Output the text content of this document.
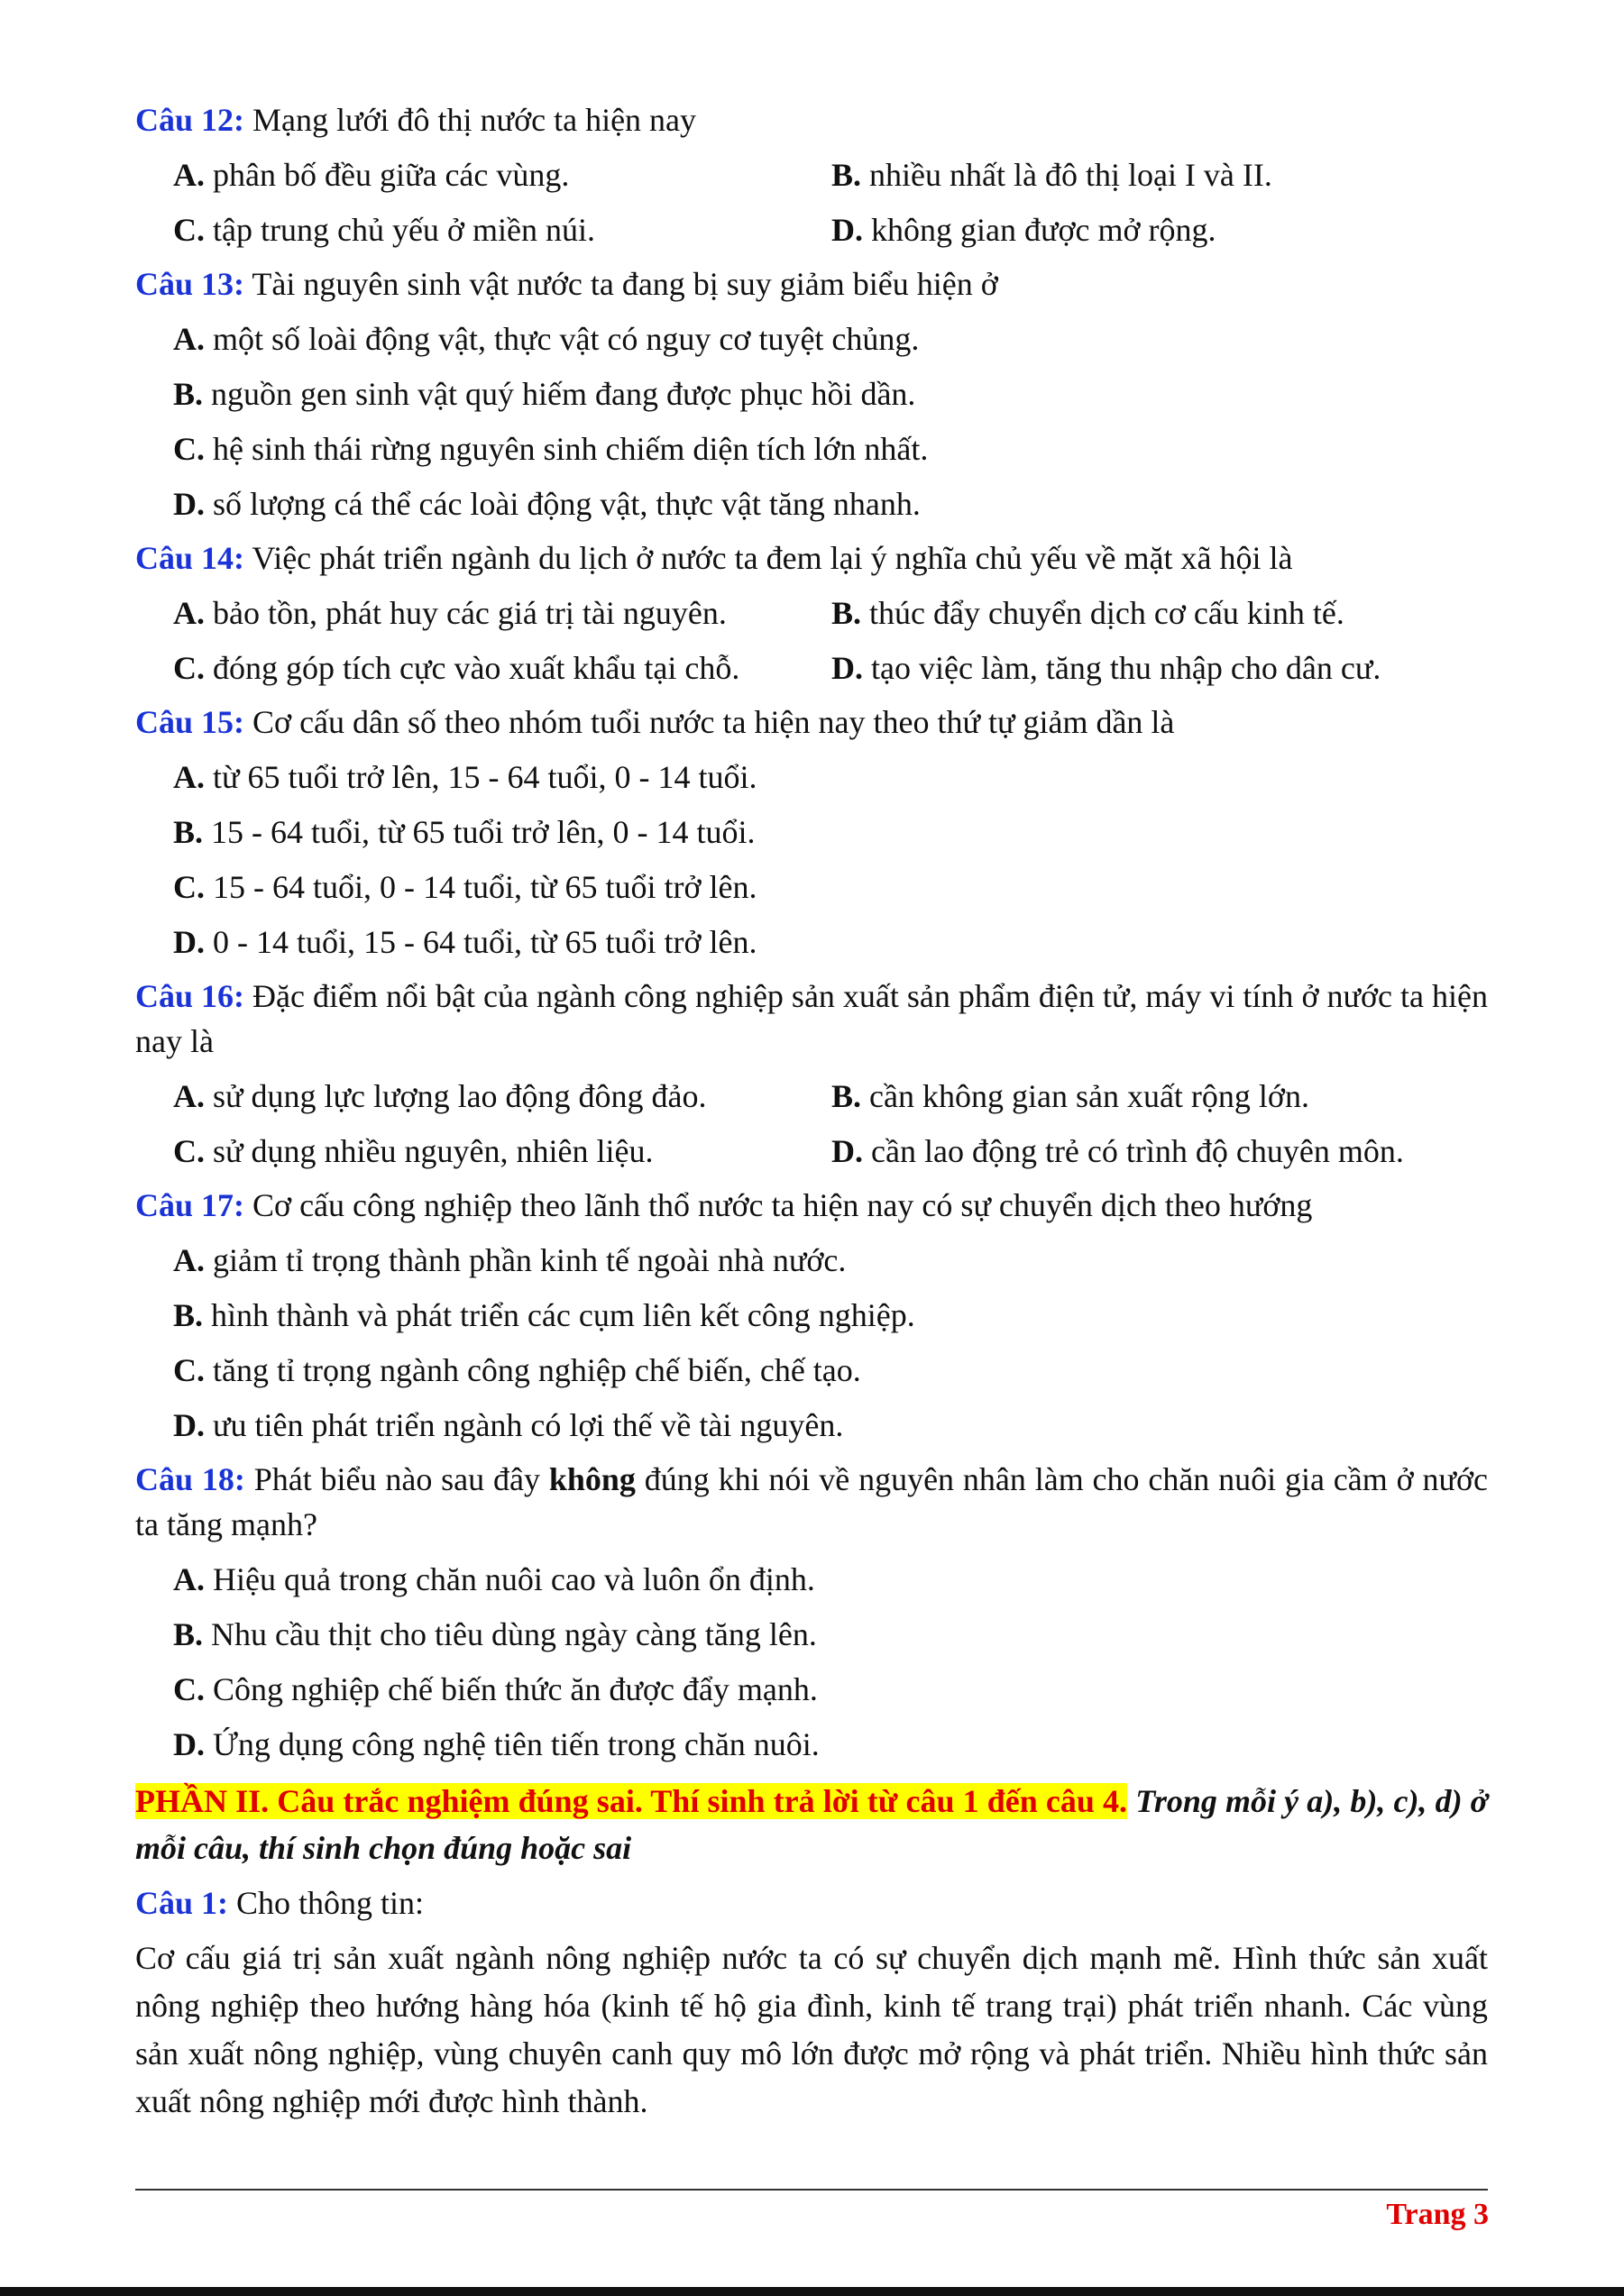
Câu 12: Mạng lưới đô thị nước ta hiện nay
A. phân bố đều giữa các vùng.	B. nhiều nhất là đô thị loại I và II.
C. tập trung chủ yếu ở miền núi.	D. không gian được mở rộng.
Câu 13: Tài nguyên sinh vật nước ta đang bị suy giảm biểu hiện ở
A. một số loài động vật, thực vật có nguy cơ tuyệt chủng.
B. nguồn gen sinh vật quý hiếm đang được phục hồi dần.
C. hệ sinh thái rừng nguyên sinh chiếm diện tích lớn nhất.
D. số lượng cá thể các loài động vật, thực vật tăng nhanh.
Câu 14: Việc phát triển ngành du lịch ở nước ta đem lại ý nghĩa chủ yếu về mặt xã hội là
A. bảo tồn, phát huy các giá trị tài nguyên.	B. thúc đẩy chuyển dịch cơ cấu kinh tế.
C. đóng góp tích cực vào xuất khẩu tại chỗ.	D. tạo việc làm, tăng thu nhập cho dân cư.
Câu 15: Cơ cấu dân số theo nhóm tuổi nước ta hiện nay theo thứ tự giảm dần là
A. từ 65 tuổi trở lên, 15 - 64 tuổi, 0 - 14 tuổi.
B. 15 - 64 tuổi, từ 65 tuổi trở lên, 0 - 14 tuổi.
C. 15 - 64 tuổi, 0 - 14 tuổi, từ 65 tuổi trở lên.
D. 0 - 14 tuổi, 15 - 64 tuổi, từ 65 tuổi trở lên.
Câu 16: Đặc điểm nổi bật của ngành công nghiệp sản xuất sản phẩm điện tử, máy vi tính ở nước ta hiện nay là
A. sử dụng lực lượng lao động đông đảo.	B. cần không gian sản xuất rộng lớn.
C. sử dụng nhiều nguyên, nhiên liệu.	D. cần lao động trẻ có trình độ chuyên môn.
Câu 17: Cơ cấu công nghiệp theo lãnh thổ nước ta hiện nay có sự chuyển dịch theo hướng
A. giảm tỉ trọng thành phần kinh tế ngoài nhà nước.
B. hình thành và phát triển các cụm liên kết công nghiệp.
C. tăng tỉ trọng ngành công nghiệp chế biến, chế tạo.
D. ưu tiên phát triển ngành có lợi thế về tài nguyên.
Câu 18: Phát biểu nào sau đây không đúng khi nói về nguyên nhân làm cho chăn nuôi gia cầm ở nước ta tăng mạnh?
A. Hiệu quả trong chăn nuôi cao và luôn ổn định.
B. Nhu cầu thịt cho tiêu dùng ngày càng tăng lên.
C. Công nghiệp chế biến thức ăn được đẩy mạnh.
D. Ứng dụng công nghệ tiên tiến trong chăn nuôi.
PHẦN II. Câu trắc nghiệm đúng sai. Thí sinh trả lời từ câu 1 đến câu 4. Trong mỗi ý a), b), c), d) ở mỗi câu, thí sinh chọn đúng hoặc sai
Câu 1: Cho thông tin:
Cơ cấu giá trị sản xuất ngành nông nghiệp nước ta có sự chuyển dịch mạnh mẽ. Hình thức sản xuất nông nghiệp theo hướng hàng hóa (kinh tế hộ gia đình, kinh tế trang trại) phát triển nhanh. Các vùng sản xuất nông nghiệp, vùng chuyên canh quy mô lớn được mở rộng và phát triển. Nhiều hình thức sản xuất nông nghiệp mới được hình thành.
Trang 3
